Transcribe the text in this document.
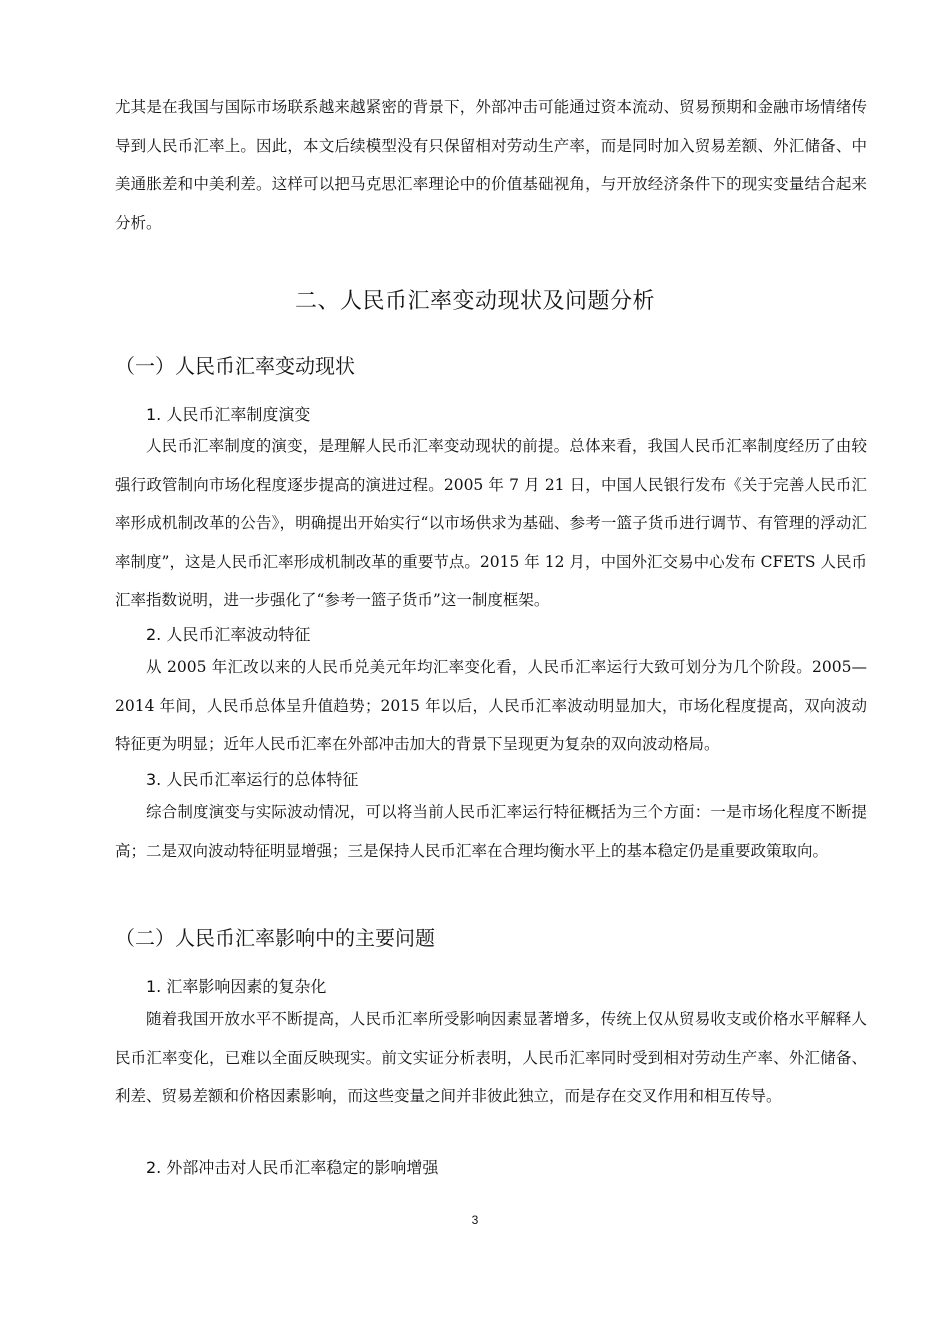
尤其是在我国与国际市场联系越来越紧密的背景下，外部冲击可能通过资本流动、贸易预期和金融市场情绪传导到人民币汇率上。因此，本文后续模型没有只保留相对劳动生产率，而是同时加入贸易差额、外汇储备、中美通胀差和中美利差。这样可以把马克思汇率理论中的价值基础视角，与开放经济条件下的现实变量结合起来分析。

二、人民币汇率变动现状及问题分析
（一）人民币汇率变动现状
1. 人民币汇率制度演变

人民币汇率制度的演变，是理解人民币汇率变动现状的前提。总体来看，我国人民币汇率制度经历了由较强行政管制向市场化程度逐步提高的演进过程。2005 年 7 月 21 日，中国人民银行发布《关于完善人民币汇率形成机制改革的公告》，明确提出开始实行“以市场供求为基础、参考一篮子货币进行调节、有管理的浮动汇率制度”，这是人民币汇率形成机制改革的重要节点。2015 年 12 月，中国外汇交易中心发布 CFETS 人民币汇率指数说明，进一步强化了“参考一篮子货币”这一制度框架。

2. 人民币汇率波动特征

从 2005 年汇改以来的人民币兑美元年均汇率变化看，人民币汇率运行大致可划分为几个阶段。2005—2014 年间，人民币总体呈升值趋势；2015 年以后，人民币汇率波动明显加大，市场化程度提高，双向波动特征更为明显；近年人民币汇率在外部冲击加大的背景下呈现更为复杂的双向波动格局。

3. 人民币汇率运行的总体特征

综合制度演变与实际波动情况，可以将当前人民币汇率运行特征概括为三个方面：一是市场化程度不断提高；二是双向波动特征明显增强；三是保持人民币汇率在合理均衡水平上的基本稳定仍是重要政策取向。

（二）人民币汇率影响中的主要问题
1. 汇率影响因素的复杂化

随着我国开放水平不断提高，人民币汇率所受影响因素显著增多，传统上仅从贸易收支或价格水平解释人民币汇率变化，已难以全面反映现实。前文实证分析表明，人民币汇率同时受到相对劳动生产率、外汇储备、利差、贸易差额和价格因素影响，而这些变量之间并非彼此独立，而是存在交叉作用和相互传导。

2. 外部冲击对人民币汇率稳定的影响增强
3
